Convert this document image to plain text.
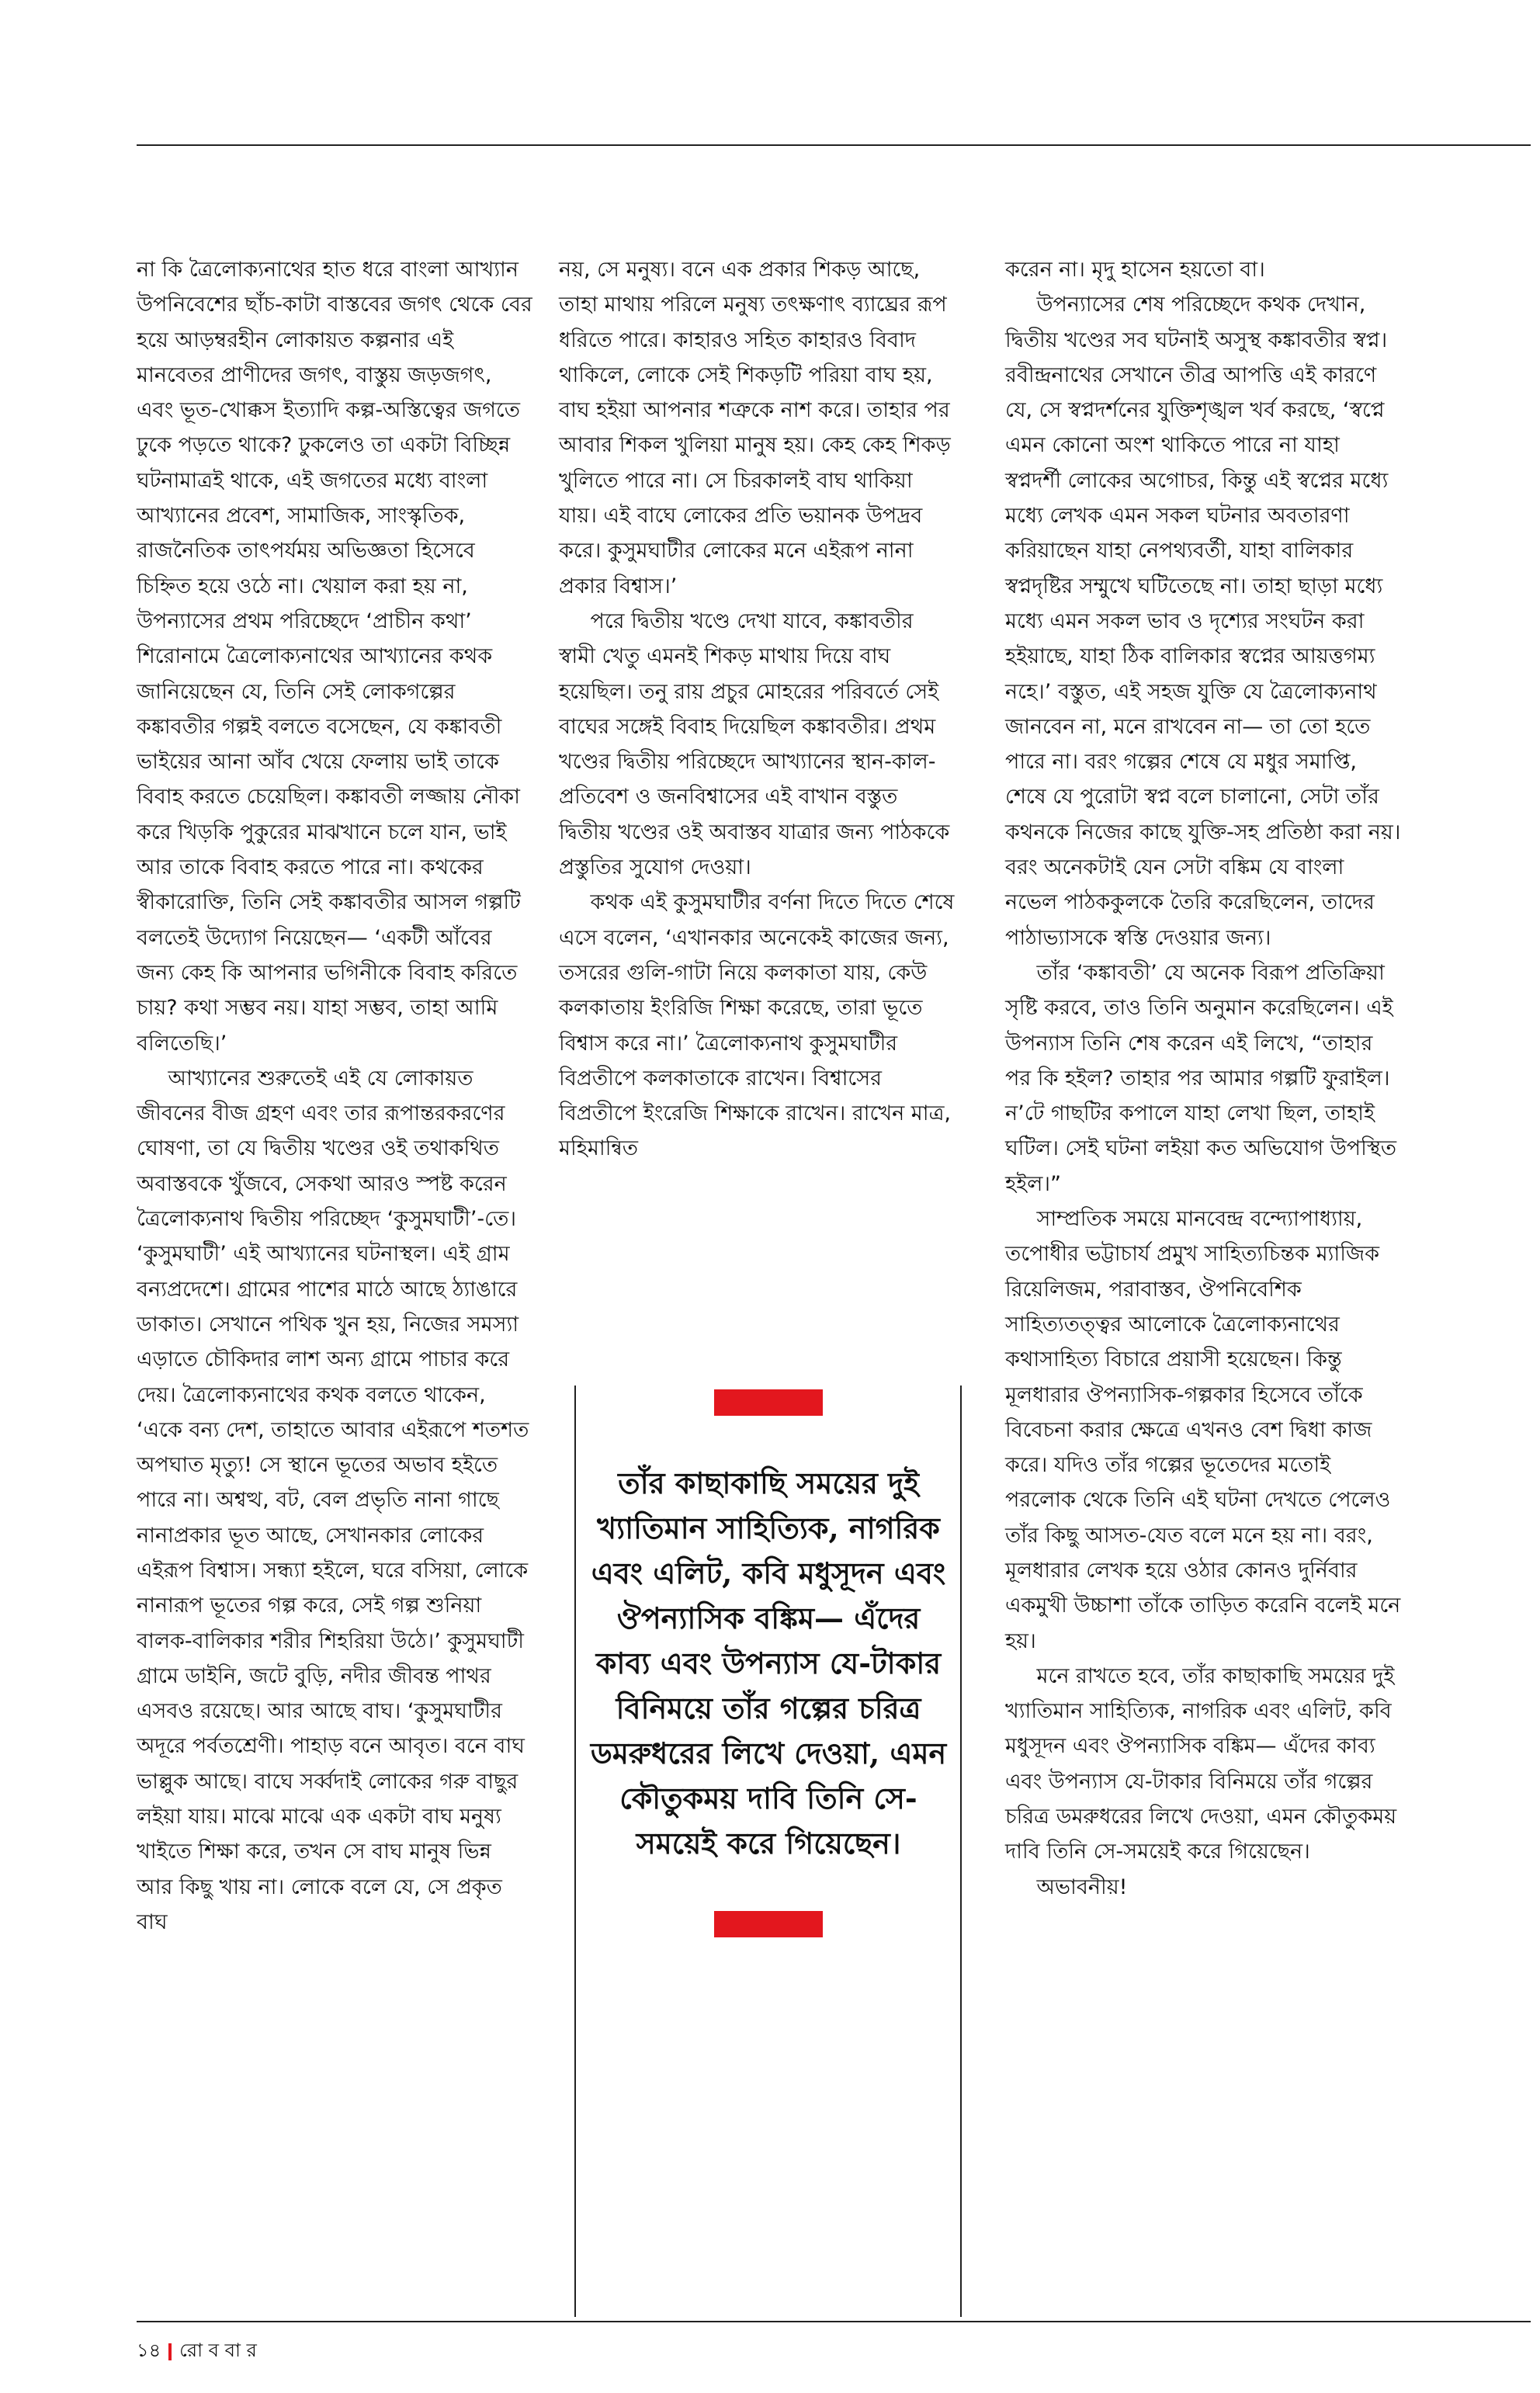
না কি ত্রৈলোক্যনাথের হাত ধরে বাংলা আখ্যান উপনিবেশের ছাঁচ-কাটা বাস্তবের জগৎ থেকে বের হয়ে আড়ম্বরহীন লোকায়ত কল্পনার এই মানবেতর প্রাণীদের জগৎ, বাস্তুয় জড়জগৎ, এবং ভূত-খোক্কস ইত্যাদি কল্প-অস্তিত্বের জগতে ঢুকে পড়তে থাকে? ঢুকলেও তা একটা বিচ্ছিন্ন ঘটনামাত্রই থাকে, এই জগতের মধ্যে বাংলা আখ্যানের প্রবেশ, সামাজিক, সাংস্কৃতিক, রাজনৈতিক তাৎপর্যময় অভিজ্ঞতা হিসেবে চিহ্নিত হয়ে ওঠে না। খেয়াল করা হয় না, উপন্যাসের প্রথম পরিচ্ছেদে ‘প্রাচীন কথা’ শিরোনামে ত্রৈলোক্যনাথের আখ্যানের কথক জানিয়েছেন যে, তিনি সেই লোকগল্পের কঙ্কাবতীর গল্পই বলতে বসেছেন, যে কঙ্কাবতী ভাইয়ের আনা আঁব খেয়ে ফেলায় ভাই তাকে বিবাহ করতে চেয়েছিল। কঙ্কাবতী লজ্জায় নৌকা করে খিড়কি পুকুরের মাঝখানে চলে যান, ভাই আর তাকে বিবাহ করতে পারে না। কথকের স্বীকারোক্তি, তিনি সেই কঙ্কাবতীর আসল গল্পটি বলতেই উদ্যোগ নিয়েছেন— ‘একটী আঁবের জন্য কেহ কি আপনার ভগিনীকে বিবাহ করিতে চায়? কথা সম্ভব নয়। যাহা সম্ভব, তাহা আমি বলিতেছি।’

আখ্যানের শুরুতেই এই যে লোকায়ত জীবনের বীজ গ্রহণ এবং তার রূপান্তরকরণের ঘোষণা, তা যে দ্বিতীয় খণ্ডের ওই তথাকথিত অবাস্তবকে খুঁজবে, সেকথা আরও স্পষ্ট করেন ত্রৈলোক্যনাথ দ্বিতীয় পরিচ্ছেদ ‘কুসুমঘাটী’-তে। ‘কুসুমঘাটী’ এই আখ্যানের ঘটনাস্থল। এই গ্রাম বন্যপ্রদেশে। গ্রামের পাশের মাঠে আছে ঠ্যাঙারে ডাকাত। সেখানে পথিক খুন হয়, নিজের সমস্যা এড়াতে চৌকিদার লাশ অন্য গ্রামে পাচার করে দেয়। ত্রৈলোক্যনাথের কথক বলতে থাকেন, ‘একে বন্য দেশ, তাহাতে আবার এইরূপে শতশত অপঘাত মৃত্যু! সে স্থানে ভূতের অভাব হইতে পারে না। অশ্বত্থ, বট, বেল প্রভৃতি নানা গাছে নানাপ্রকার ভূত আছে, সেখানকার লোকের এইরূপ বিশ্বাস। সন্ধ্যা হইলে, ঘরে বসিয়া, লোকে নানারূপ ভূতের গল্প করে, সেই গল্প শুনিয়া বালক-বালিকার শরীর শিহরিয়া উঠে।’ কুসুমঘাটী গ্রামে ডাইনি, জটে বুড়ি, নদীর জীবন্ত পাথর এসবও রয়েছে। আর আছে বাঘ। ‘কুসুমঘাটীর অদূরে পর্বতশ্রেণী। পাহাড় বনে আবৃত। বনে বাঘ ভাল্লুক আছে। বাঘে সর্ব্বদাই লোকের গরু বাছুর লইয়া যায়। মাঝে মাঝে এক একটা বাঘ মনুষ্য খাইতে শিক্ষা করে, তখন সে বাঘ মানুষ ভিন্ন আর কিছু খায় না। লোকে বলে যে, সে প্রকৃত বাঘ

নয়, সে মনুষ্য। বনে এক প্রকার শিকড় আছে, তাহা মাথায় পরিলে মনুষ্য তৎক্ষণাৎ ব্যাঘ্রের রূপ ধরিতে পারে। কাহারও সহিত কাহারও বিবাদ থাকিলে, লোকে সেই শিকড়টি পরিয়া বাঘ হয়, বাঘ হইয়া আপনার শত্রুকে নাশ করে। তাহার পর আবার শিকল খুলিয়া মানুষ হয়। কেহ কেহ শিকড় খুলিতে পারে না। সে চিরকালই বাঘ থাকিয়া যায়। এই বাঘে লোকের প্রতি ভয়ানক উপদ্রব করে। কুসুমঘাটীর লোকের মনে এইরূপ নানা প্রকার বিশ্বাস।’

পরে দ্বিতীয় খণ্ডে দেখা যাবে, কঙ্কাবতীর স্বামী খেতু এমনই শিকড় মাথায় দিয়ে বাঘ হয়েছিল। তনু রায় প্রচুর মোহরের পরিবর্তে সেই বাঘের সঙ্গেই বিবাহ দিয়েছিল কঙ্কাবতীর। প্রথম খণ্ডের দ্বিতীয় পরিচ্ছেদে আখ্যানের স্থান-কাল-প্রতিবেশ ও জনবিশ্বাসের এই বাখান বস্তুত দ্বিতীয় খণ্ডের ওই অবাস্তব যাত্রার জন্য পাঠককে প্রস্তুতির সুযোগ দেওয়া।

কথক এই কুসুমঘাটীর বর্ণনা দিতে দিতে শেষে এসে বলেন, ‘এখানকার অনেকেই কাজের জন্য, তসরের গুলি-গাটা নিয়ে কলকাতা যায়, কেউ কলকাতায় ইংরিজি শিক্ষা করেছে, তারা ভূতে বিশ্বাস করে না।’ ত্রৈলোক্যনাথ কুসুমঘাটীর বিপ্রতীপে কলকাতাকে রাখেন। বিশ্বাসের বিপ্রতীপে ইংরেজি শিক্ষাকে রাখেন। রাখেন মাত্র, মহিমান্বিত

করেন না। মৃদু হাসেন হয়তো বা।

উপন্যাসের শেষ পরিচ্ছেদে কথক দেখান, দ্বিতীয় খণ্ডের সব ঘটনাই অসুস্থ কঙ্কাবতীর স্বপ্ন। রবীন্দ্রনাথের সেখানে তীব্র আপত্তি এই কারণে যে, সে স্বপ্নদর্শনের যুক্তিশৃঙ্খল খর্ব করছে, ‘স্বপ্নে এমন কোনো অংশ থাকিতে পারে না যাহা স্বপ্নদর্শী লোকের অগোচর, কিন্তু এই স্বপ্নের মধ্যে মধ্যে লেখক এমন সকল ঘটনার অবতারণা করিয়াছেন যাহা নেপথ্যবর্তী, যাহা বালিকার স্বপ্নদৃষ্টির সম্মুখে ঘটিতেছে না। তাহা ছাড়া মধ্যে মধ্যে এমন সকল ভাব ও দৃশ্যের সংঘটন করা হইয়াছে, যাহা ঠিক বালিকার স্বপ্নের আয়ত্তগম্য নহে।’ বস্তুত, এই সহজ যুক্তি যে ত্রৈলোক্যনাথ জানবেন না, মনে রাখবেন না— তা তো হতে পারে না। বরং গল্পের শেষে যে মধুর সমাপ্তি, শেষে যে পুরোটা স্বপ্ন বলে চালানো, সেটা তাঁর কথনকে নিজের কাছে যুক্তি-সহ প্রতিষ্ঠা করা নয়। বরং অনেকটাই যেন সেটা বঙ্কিম যে বাংলা নভেল পাঠককুলকে তৈরি করেছিলেন, তাদের পাঠাভ্যাসকে স্বস্তি দেওয়ার জন্য।

তাঁর ‘কঙ্কাবতী’ যে অনেক বিরূপ প্রতিক্রিয়া সৃষ্টি করবে, তাও তিনি অনুমান করেছিলেন। এই উপন্যাস তিনি শেষ করেন এই লিখে, “তাহার পর কি হইল? তাহার পর আমার গল্পটি ফুরাইল। ন’টে গাছটির কপালে যাহা লেখা ছিল, তাহাই ঘটিল। সেই ঘটনা লইয়া কত অভিযোগ উপস্থিত হইল।”

সাম্প্রতিক সময়ে মানবেন্দ্র বন্দ্যোপাধ্যায়, তপোধীর ভট্টাচার্য প্রমুখ সাহিত্যচিন্তক ম্যাজিক রিয়েলিজম, পরাবাস্তব, ঔপনিবেশিক সাহিত্যতত্ত্বর আলোকে ত্রৈলোক্যনাথের কথাসাহিত্য বিচারে প্রয়াসী হয়েছেন। কিন্তু মূলধারার ঔপন্যাসিক-গল্পকার হিসেবে তাঁকে বিবেচনা করার ক্ষেত্রে এখনও বেশ দ্বিধা কাজ করে। যদিও তাঁর গল্পের ভূতেদের মতোই পরলোক থেকে তিনি এই ঘটনা দেখতে পেলেও তাঁর কিছু আসত-যেত বলে মনে হয় না। বরং, মূলধারার লেখক হয়ে ওঠার কোনও দুর্নিবার একমুখী উচ্চাশা তাঁকে তাড়িত করেনি বলেই মনে হয়।

মনে রাখতে হবে, তাঁর কাছাকাছি সময়ের দুই খ্যাতিমান সাহিত্যিক, নাগরিক এবং এলিট, কবি মধুসূদন এবং ঔপন্যাসিক বঙ্কিম— এঁদের কাব্য এবং উপন্যাস যে-টাকার বিনিময়ে তাঁর গল্পের চরিত্র ডমরুধরের লিখে দেওয়া, এমন কৌতুকময় দাবি তিনি সে-সময়েই করে গিয়েছেন।

অভাবনীয়!

তাঁর কাছাকাছি সময়ের দুই খ্যাতিমান সাহিত্যিক, নাগরিক এবং এলিট, কবি মধুসূদন এবং ঔপন্যাসিক বঙ্কিম— এঁদের কাব্য এবং উপন্যাস যে-টাকার বিনিময়ে তাঁর গল্পের চরিত্র ডমরুধরের লিখে দেওয়া, এমন কৌতুকময় দাবি তিনি সে-সময়েই করে গিয়েছেন।
১৪ রো ব বা র
